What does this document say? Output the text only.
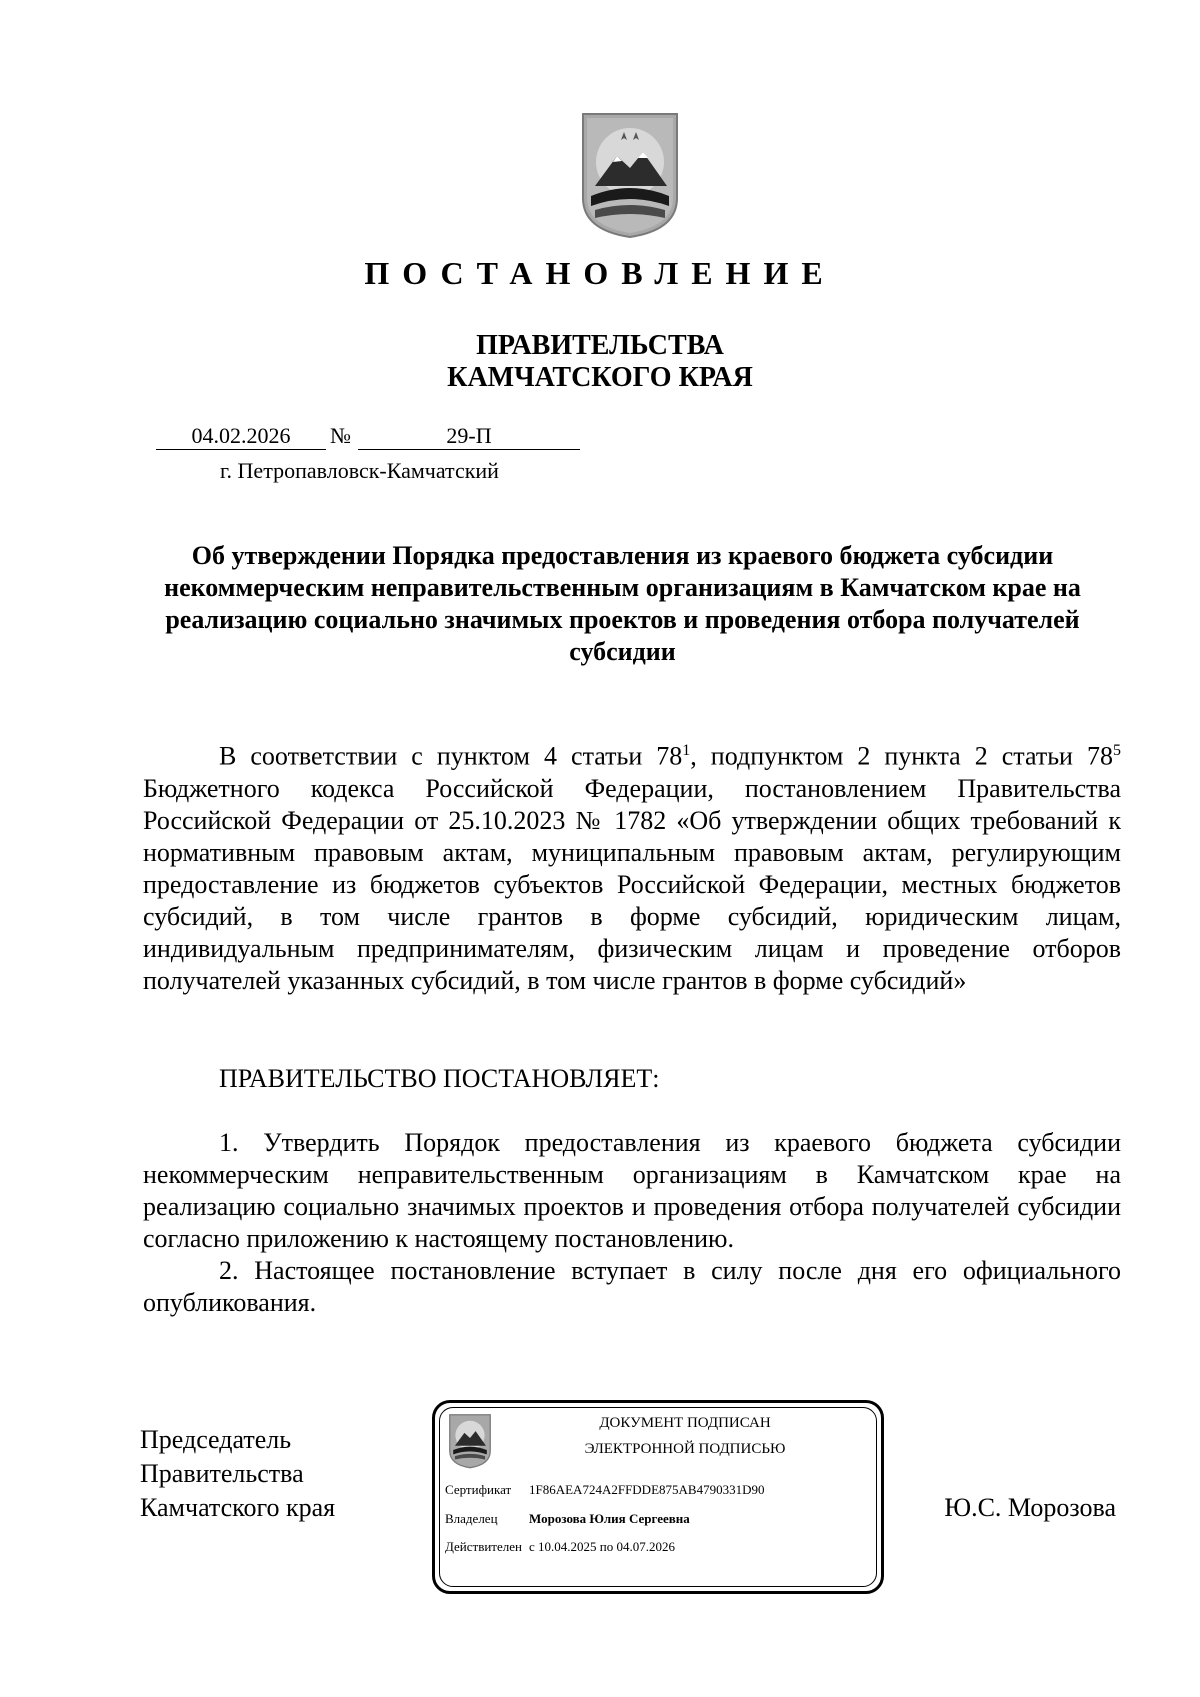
ПОСТАНОВЛЕНИЕ
ПРАВИТЕЛЬСТВА
КАМЧАТСКОГО КРАЯ
04.02.2026	№	29-П
г. Петропавловск-Камчатский
Об утверждении Порядка предоставления из краевого бюджета субсидии некоммерческим неправительственным организациям в Камчатском крае на реализацию социально значимых проектов и проведения отбора получателей субсидии
В соответствии с пунктом 4 статьи $78^1$, подпунктом 2 пункта 2 статьи $78^5$ Бюджетного кодекса Российской Федерации, постановлением Правительства Российской Федерации от 25.10.2023 № 1782 «Об утверждении общих требований к нормативным правовым актам, муниципальным правовым актам, регулирующим предоставление из бюджетов субъектов Российской Федерации, местных бюджетов субсидий, в том числе грантов в форме субсидий, юридическим лицам, индивидуальным предпринимателям, физическим лицам и проведение отборов получателей указанных субсидий, в том числе грантов в форме субсидий»
ПРАВИТЕЛЬСТВО ПОСТАНОВЛЯЕТ:
1. Утвердить Порядок предоставления из краевого бюджета субсидии некоммерческим неправительственным организациям в Камчатском крае на реализацию социально значимых проектов и проведения отбора получателей субсидии согласно приложению к настоящему постановлению.
2. Настоящее постановление вступает в силу после дня его официального опубликования.
Председатель
Правительства
Камчатского края	Ю.С. Морозова
ДОКУМЕНТ ПОДПИСАН
ЭЛЕКТРОННОЙ ПОДПИСЬЮ
Сертификат 1F86AEA724A2FFDDE875AB4790331D90
Владелец Морозова Юлия Сергеевна
Действителен с 10.04.2025 по 04.07.2026
